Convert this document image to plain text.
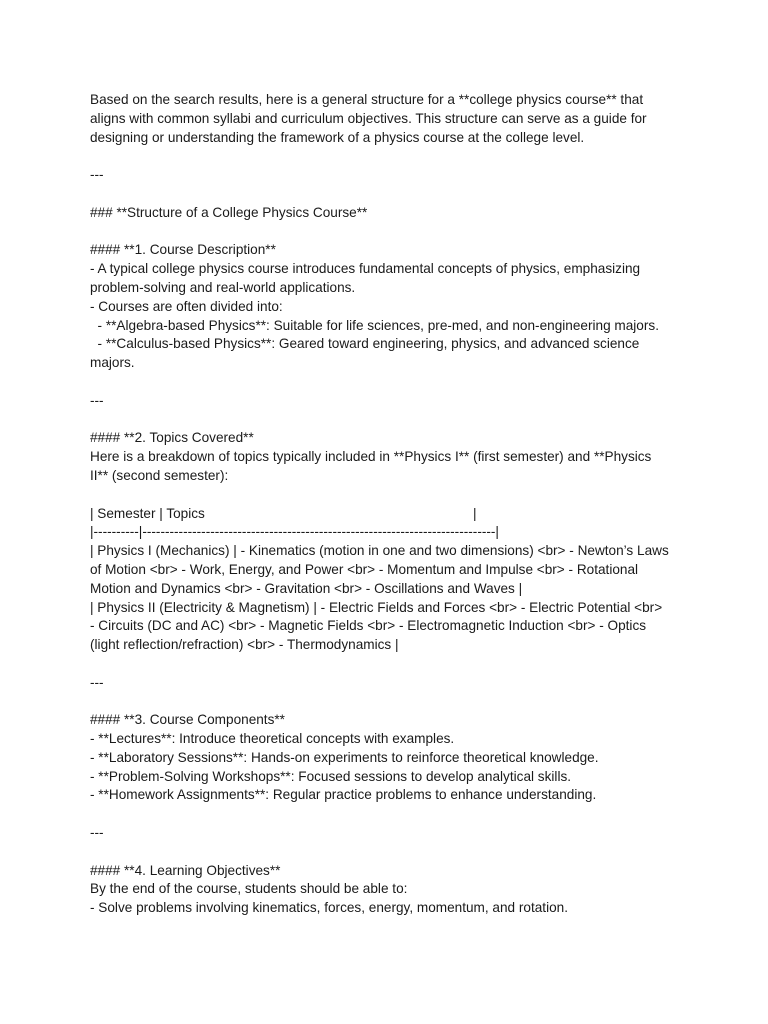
Based on the search results, here is a general structure for a **college physics course** that
aligns with common syllabi and curriculum objectives. This structure can serve as a guide for
designing or understanding the framework of a physics course at the college level.
---
### **Structure of a College Physics Course**
#### **1. Course Description**
- A typical college physics course introduces fundamental concepts of physics, emphasizing
problem-solving and real-world applications.
- Courses are often divided into:
- **Algebra-based Physics**: Suitable for life sciences, pre-med, and non-engineering majors.
- **Calculus-based Physics**: Geared toward engineering, physics, and advanced science
majors.
---
#### **2. Topics Covered**
Here is a breakdown of topics typically included in **Physics I** (first semester) and **Physics
II** (second semester):
| Semester | Topics                                                                       |
|----------|------------------------------------------------------------------------------|
| Physics I (Mechanics) | - Kinematics (motion in one and two dimensions) <br> - Newton’s Laws
of Motion <br> - Work, Energy, and Power <br> - Momentum and Impulse <br> - Rotational
Motion and Dynamics <br> - Gravitation <br> - Oscillations and Waves |
| Physics II (Electricity & Magnetism) | - Electric Fields and Forces <br> - Electric Potential <br>
- Circuits (DC and AC) <br> - Magnetic Fields <br> - Electromagnetic Induction <br> - Optics
(light reflection/refraction) <br> - Thermodynamics |
---
#### **3. Course Components**
- **Lectures**: Introduce theoretical concepts with examples.
- **Laboratory Sessions**: Hands-on experiments to reinforce theoretical knowledge.
- **Problem-Solving Workshops**: Focused sessions to develop analytical skills.
- **Homework Assignments**: Regular practice problems to enhance understanding.
---
#### **4. Learning Objectives**
By the end of the course, students should be able to:
- Solve problems involving kinematics, forces, energy, momentum, and rotation.
